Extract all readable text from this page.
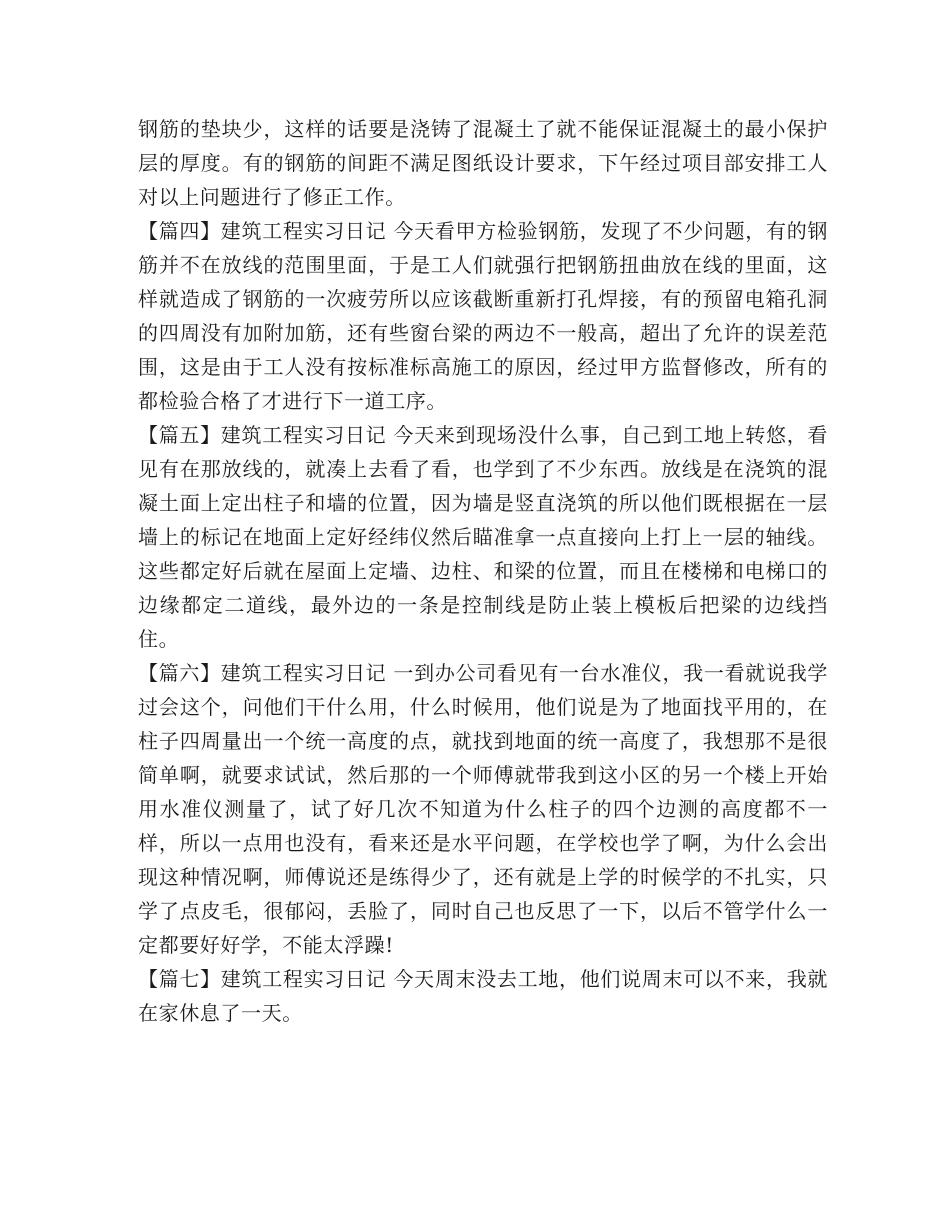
钢筋的垫块少，这样的话要是浇铸了混凝土了就不能保证混凝土的最小保护层的厚度。有的钢筋的间距不满足图纸设计要求，下午经过项目部安排工人对以上问题进行了修正工作。

【篇四】建筑工程实习日记 今天看甲方检验钢筋，发现了不少问题，有的钢筋并不在放线的范围里面，于是工人们就强行把钢筋扭曲放在线的里面，这样就造成了钢筋的一次疲劳所以应该截断重新打孔焊接，有的预留电箱孔洞的四周没有加附加筋，还有些窗台梁的两边不一般高，超出了允许的误差范围，这是由于工人没有按标准标高施工的原因，经过甲方监督修改，所有的都检验合格了才进行下一道工序。

【篇五】建筑工程实习日记 今天来到现场没什么事，自己到工地上转悠，看见有在那放线的，就凑上去看了看，也学到了不少东西。放线是在浇筑的混凝土面上定出柱子和墙的位置，因为墙是竖直浇筑的所以他们既根据在一层墙上的标记在地面上定好经纬仪然后瞄准拿一点直接向上打上一层的轴线。这些都定好后就在屋面上定墙、边柱、和梁的位置，而且在楼梯和电梯口的边缘都定二道线，最外边的一条是控制线是防止装上模板后把梁的边线挡住。

【篇六】建筑工程实习日记 一到办公司看见有一台水准仪，我一看就说我学过会这个，问他们干什么用，什么时候用，他们说是为了地面找平用的，在柱子四周量出一个统一高度的点，就找到地面的统一高度了，我想那不是很简单啊，就要求试试，然后那的一个师傅就带我到这小区的另一个楼上开始用水准仪测量了，试了好几次不知道为什么柱子的四个边测的高度都不一样，所以一点用也没有，看来还是水平问题，在学校也学了啊，为什么会出现这种情况啊，师傅说还是练得少了，还有就是上学的时候学的不扎实，只学了点皮毛，很郁闷，丢脸了，同时自己也反思了一下，以后不管学什么一定都要好好学，不能太浮躁!

【篇七】建筑工程实习日记 今天周末没去工地，他们说周末可以不来，我就在家休息了一天。
